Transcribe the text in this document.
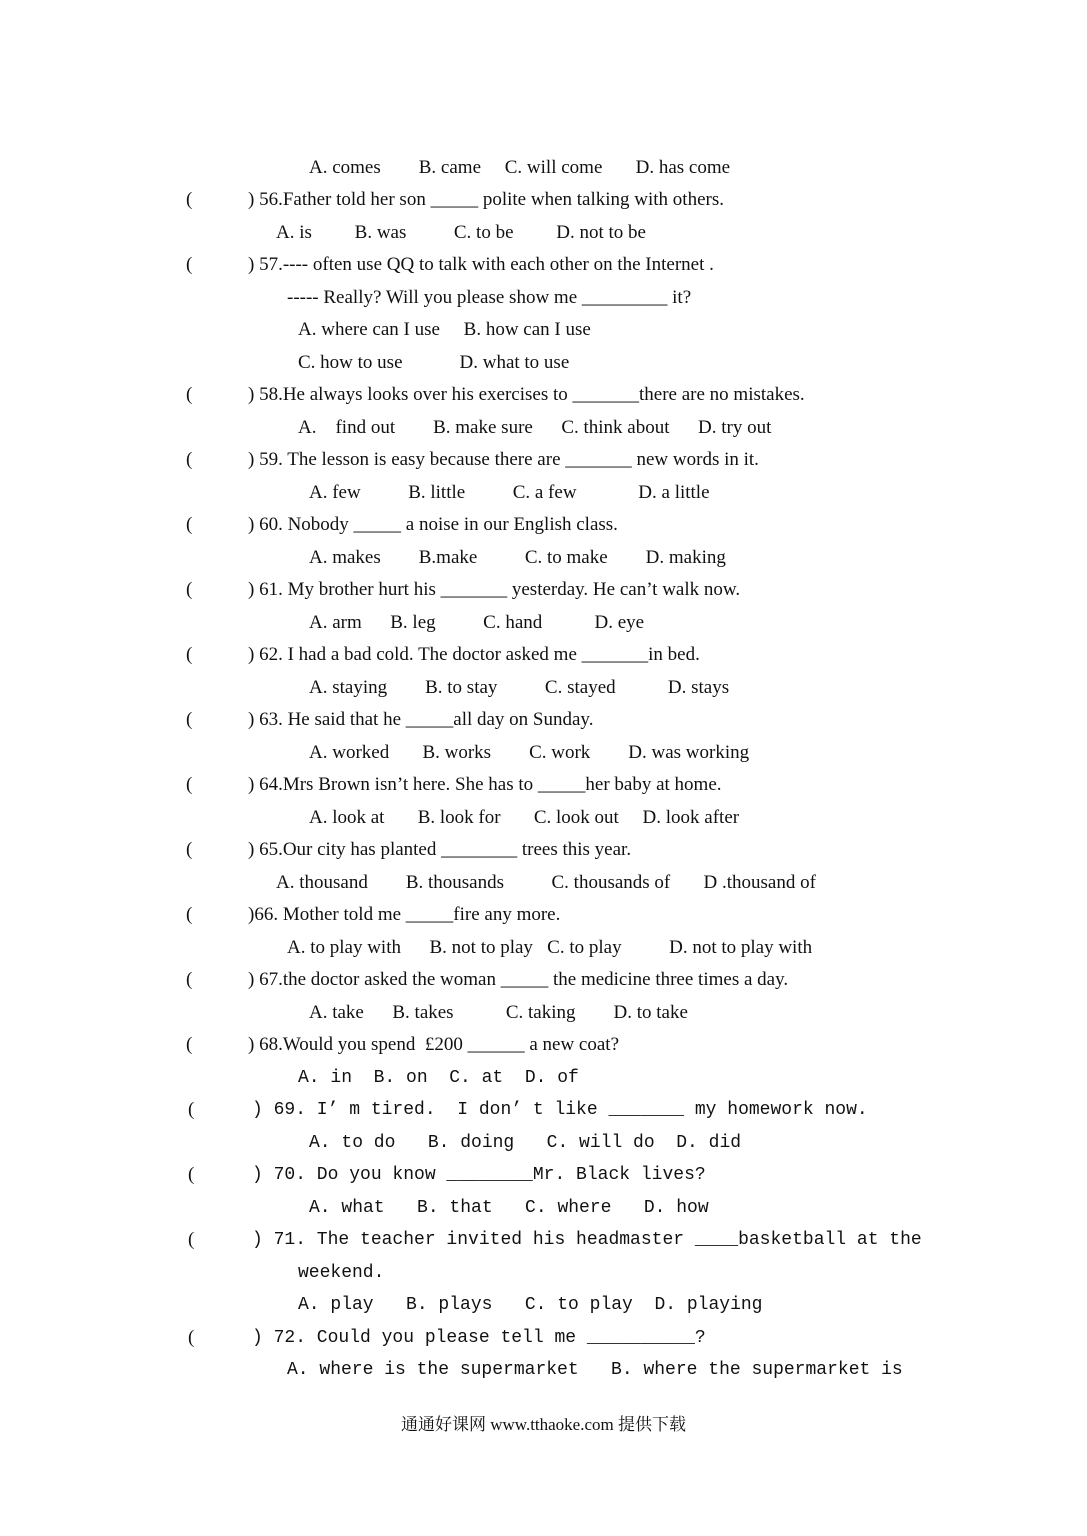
(
(
(
(
(
(
(
(
(
(
(
(
(
(
(
(
(
A. comes        B. came     C. will come       D. has come
) 56.Father told her son _____ polite when talking with others.
A. is         B. was          C. to be         D. not to be
) 57.---- often use QQ to talk with each other on the Internet .
----- Really? Will you please show me _________ it?
A. where can I use     B. how can I use
C. how to use            D. what to use
) 58.He always looks over his exercises to _______there are no mistakes.
A.    find out        B. make sure      C. think about      D. try out
) 59. The lesson is easy because there are _______ new words in it.
A. few          B. little          C. a few             D. a little
) 60. Nobody _____ a noise in our English class.
A. makes        B.make          C. to make        D. making
) 61. My brother hurt his _______ yesterday. He can’t walk now.
A. arm      B. leg          C. hand           D. eye
) 62. I had a bad cold. The doctor asked me _______in bed.
A. staying        B. to stay          C. stayed           D. stays
) 63. He said that he _____all day on Sunday.
A. worked       B. works        C. work        D. was working
) 64.Mrs Brown isn’t here. She has to _____her baby at home.
A. look at       B. look for       C. look out     D. look after
) 65.Our city has planted ________ trees this year.
A. thousand        B. thousands          C. thousands of       D .thousand of
)66. Mother told me _____fire any more.
A. to play with      B. not to play   C. to play          D. not to play with
) 67.the doctor asked the woman _____ the medicine three times a day.
A. take      B. takes           C. taking        D. to take
) 68.Would you spend  £200 ______ a new coat?
A. in  B. on  C. at  D. of
) 69. I’ m tired.  I don’ t like _______ my homework now.
A. to do   B. doing   C. will do  D. did
) 70. Do you know ________Mr. Black lives?
A. what   B. that   C. where   D. how
) 71. The teacher invited his headmaster ____basketball at the
weekend.
A. play   B. plays   C. to play  D. playing
) 72. Could you please tell me __________?
A. where is the supermarket   B. where the supermarket is
通通好课网 www.tthaoke.com 提供下载
